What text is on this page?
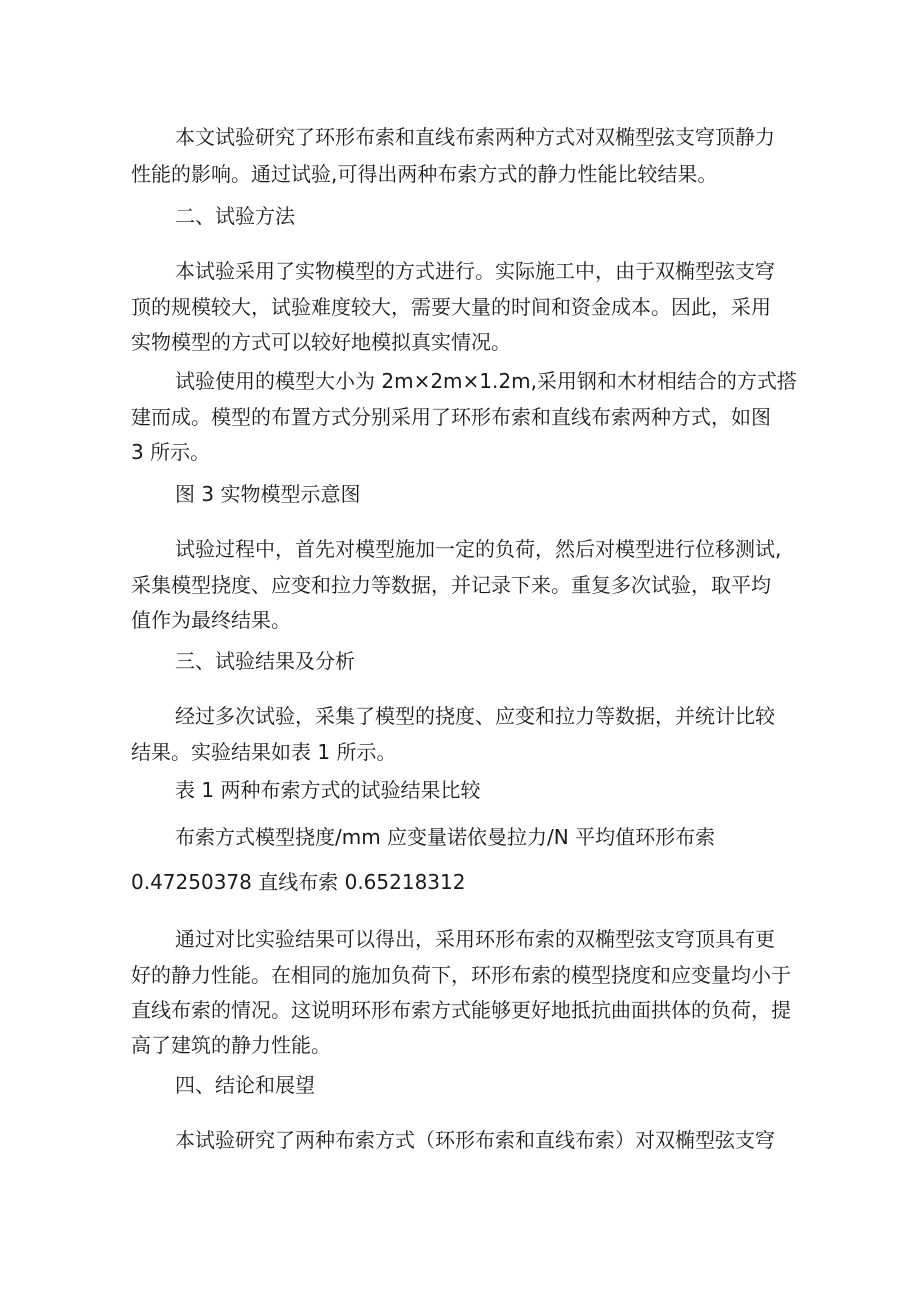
本文试验研究了环形布索和直线布索两种方式对双椭型弦支穹顶静力
性能的影响。通过试验,可得出两种布索方式的静力性能比较结果。
二、试验方法
本试验采用了实物模型的方式进行。实际施工中，由于双椭型弦支穹
顶的规模较大，试验难度较大，需要大量的时间和资金成本。因此，采用
实物模型的方式可以较好地模拟真实情况。
试验使用的模型大小为 2m×2m×1.2m,采用钢和木材相结合的方式搭
建而成。模型的布置方式分别采用了环形布索和直线布索两种方式，如图
3 所示。
图 3 实物模型示意图
试验过程中，首先对模型施加一定的负荷，然后对模型进行位移测试,
采集模型挠度、应变和拉力等数据，并记录下来。重复多次试验，取平均
值作为最终结果。
三、试验结果及分析
经过多次试验，采集了模型的挠度、应变和拉力等数据，并统计比较
结果。实验结果如表 1 所示。
表 1 两种布索方式的试验结果比较
布索方式模型挠度/mm 应变量诺依曼拉力/N 平均值环形布索
0.47250378 直线布索 0.65218312
通过对比实验结果可以得出，采用环形布索的双椭型弦支穹顶具有更
好的静力性能。在相同的施加负荷下，环形布索的模型挠度和应变量均小于
直线布索的情况。这说明环形布索方式能够更好地抵抗曲面拱体的负荷，提
高了建筑的静力性能。
四、结论和展望
本试验研究了两种布索方式（环形布索和直线布索）对双椭型弦支穹
